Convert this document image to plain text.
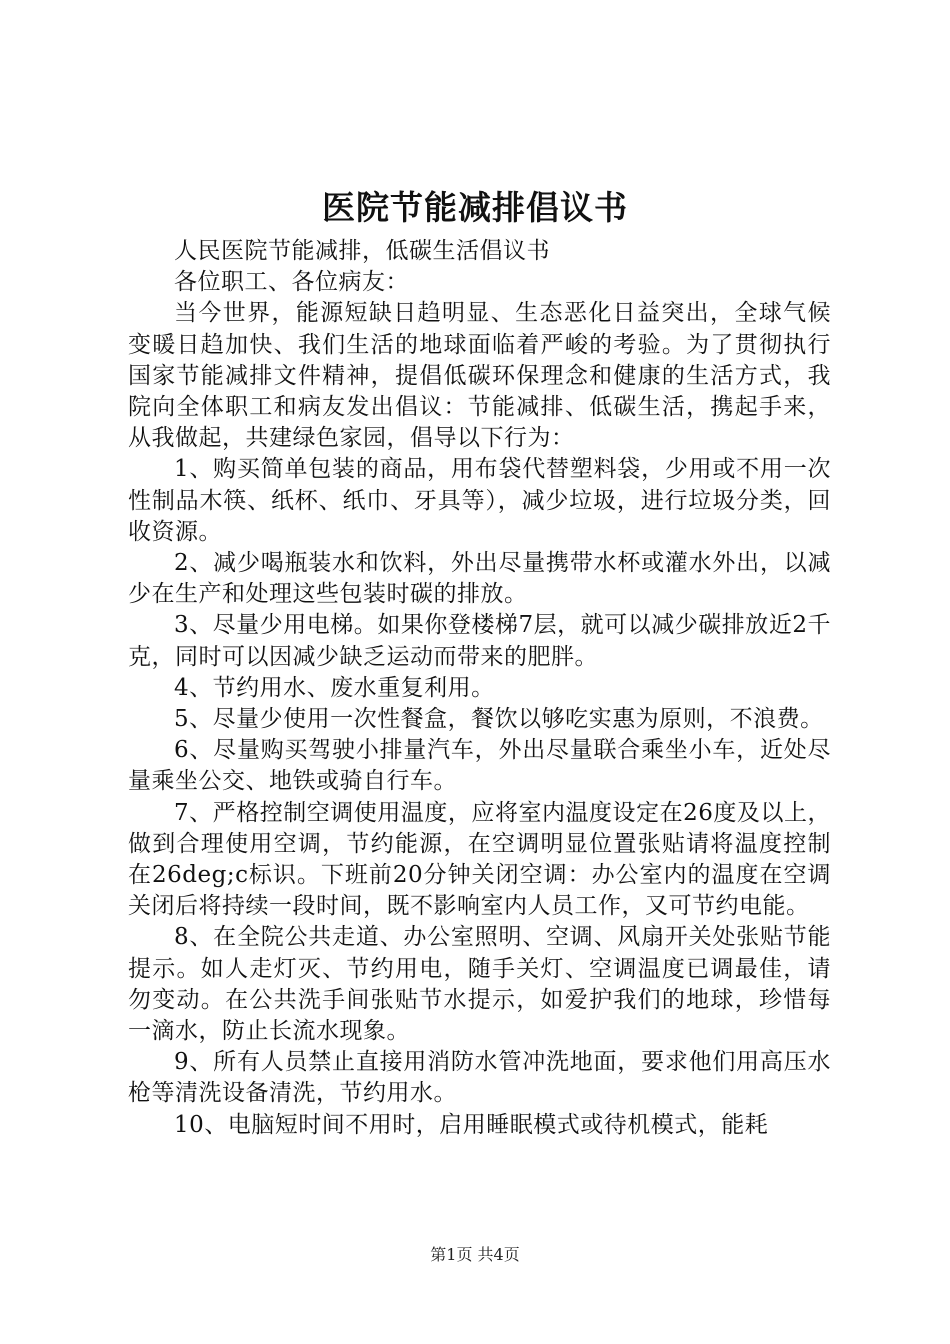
医院节能减排倡议书

人民医院节能减排，低碳生活倡议书

各位职工、各位病友：

当今世界，能源短缺日趋明显、生态恶化日益突出，全球气候变暖日趋加快、我们生活的地球面临着严峻的考验。为了贯彻执行国家节能减排文件精神，提倡低碳环保理念和健康的生活方式，我院向全体职工和病友发出倡议：节能减排、低碳生活，携起手来，从我做起，共建绿色家园，倡导以下行为：

1、购买简单包装的商品，用布袋代替塑料袋，少用或不用一次性制品木筷、纸杯、纸巾、牙具等），减少垃圾，进行垃圾分类，回收资源。

2、减少喝瓶装水和饮料，外出尽量携带水杯或灌水外出，以减少在生产和处理这些包装时碳的排放。

3、尽量少用电梯。如果你登楼梯7层，就可以减少碳排放近2千克，同时可以因减少缺乏运动而带来的肥胖。

4、节约用水、废水重复利用。

5、尽量少使用一次性餐盒，餐饮以够吃实惠为原则，不浪费。

6、尽量购买驾驶小排量汽车，外出尽量联合乘坐小车，近处尽量乘坐公交、地铁或骑自行车。

7、严格控制空调使用温度，应将室内温度设定在26度及以上，做到合理使用空调，节约能源，在空调明显位置张贴请将温度控制在26deg;c标识。下班前20分钟关闭空调：办公室内的温度在空调关闭后将持续一段时间，既不影响室内人员工作，又可节约电能。

8、在全院公共走道、办公室照明、空调、风扇开关处张贴节能提示。如人走灯灭、节约用电，随手关灯、空调温度已调最佳，请勿变动。在公共洗手间张贴节水提示，如爱护我们的地球，珍惜每一滴水，防止长流水现象。

9、所有人员禁止直接用消防水管冲洗地面，要求他们用高压水枪等清洗设备清洗，节约用水。

10、电脑短时间不用时，启用睡眠模式或待机模式，能耗

第1页 共4页
